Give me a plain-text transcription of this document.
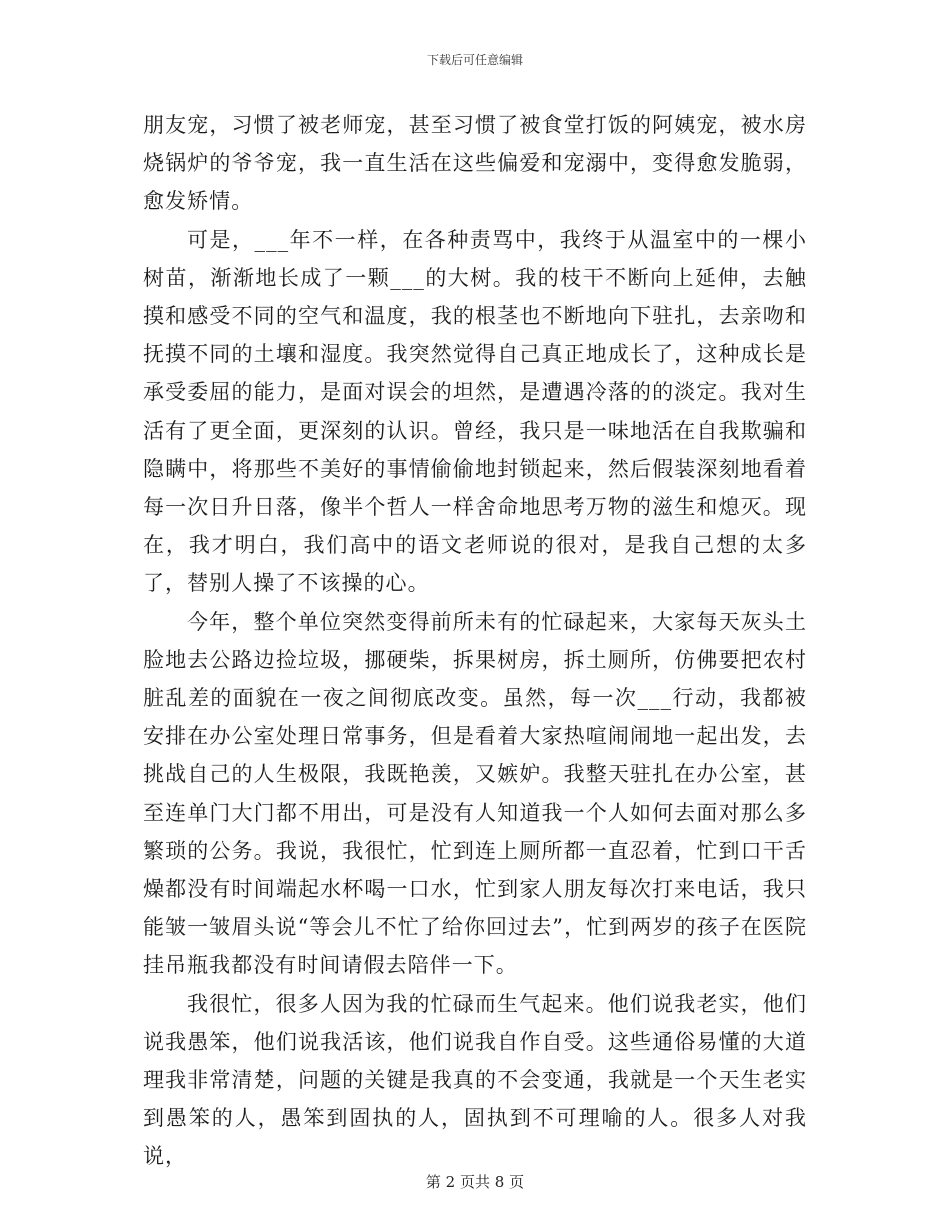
下载后可任意编辑

朋友宠，习惯了被老师宠，甚至习惯了被食堂打饭的阿姨宠，被水房烧锅炉的爷爷宠，我一直生活在这些偏爱和宠溺中，变得愈发脆弱，愈发矫情。

可是，___年不一样，在各种责骂中，我终于从温室中的一棵小树苗，渐渐地长成了一颗___的大树。我的枝干不断向上延伸，去触摸和感受不同的空气和温度，我的根茎也不断地向下驻扎，去亲吻和抚摸不同的土壤和湿度。我突然觉得自己真正地成长了，这种成长是承受委屈的能力，是面对误会的坦然，是遭遇冷落的的淡定。我对生活有了更全面，更深刻的认识。曾经，我只是一味地活在自我欺骗和隐瞒中，将那些不美好的事情偷偷地封锁起来，然后假装深刻地看着每一次日升日落，像半个哲人一样舍命地思考万物的滋生和熄灭。现在，我才明白，我们高中的语文老师说的很对，是我自己想的太多了，替别人操了不该操的心。

今年，整个单位突然变得前所未有的忙碌起来，大家每天灰头土脸地去公路边捡垃圾，挪硬柴，拆果树房，拆土厕所，仿佛要把农村脏乱差的面貌在一夜之间彻底改变。虽然，每一次___行动，我都被安排在办公室处理日常事务，但是看着大家热喧闹闹地一起出发，去挑战自己的人生极限，我既艳羡，又嫉妒。我整天驻扎在办公室，甚至连单门大门都不用出，可是没有人知道我一个人如何去面对那么多繁琐的公务。我说，我很忙，忙到连上厕所都一直忍着，忙到口干舌燥都没有时间端起水杯喝一口水，忙到家人朋友每次打来电话，我只能皱一皱眉头说“等会儿不忙了给你回过去”，忙到两岁的孩子在医院挂吊瓶我都没有时间请假去陪伴一下。

我很忙，很多人因为我的忙碌而生气起来。他们说我老实，他们说我愚笨，他们说我活该，他们说我自作自受。这些通俗易懂的大道理我非常清楚，问题的关键是我真的不会变通，我就是一个天生老实到愚笨的人，愚笨到固执的人，固执到不可理喻的人。很多人对我说，

第 2 页共 8 页
